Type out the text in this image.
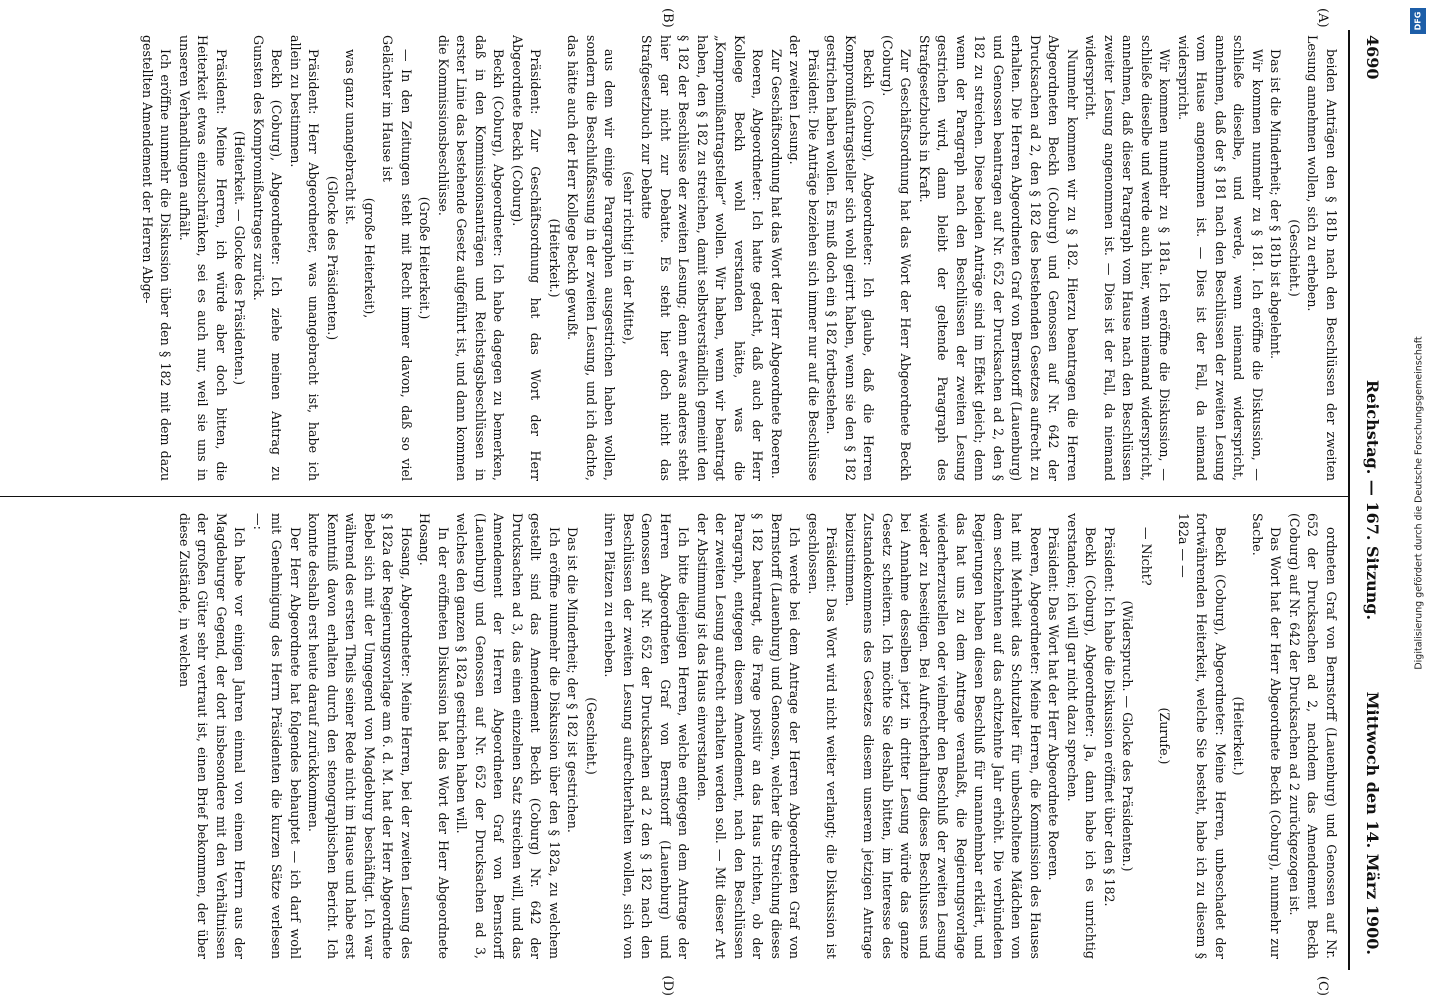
4690
Reichstag. — 167. Sitzung.
Mittwoch den 14. März 1900.
(A)
(B)
(C)
(D)

beiden Anträgen den § 181b nach den Beschlüssen der zweiten Lesung annehmen wollen, sich zu erheben.

(Geschieht.)

Das ist die Minderheit; der § 181b ist abgelehnt.

Wir kommen nunmehr zu § 181. Ich eröffne die Diskussion, — schließe dieselbe, und werde, wenn niemand widerspricht, annehmen, daß der § 181 nach den Beschlüssen der zweiten Lesung vom Hause angenommen ist. — Dies ist der Fall, da niemand widerspricht.

Wir kommen nunmehr zu § 181a. Ich eröffne die Diskussion, — schließe dieselbe und werde auch hier, wenn niemand widerspricht, annehmen, daß dieser Paragraph vom Hause nach den Beschlüssen zweiter Lesung angenommen ist. — Dies ist der Fall, da niemand widerspricht.

Nunmehr kommen wir zu § 182. Hierzu beantragen die Herren Abgeordneten Beckh (Coburg) und Genossen auf Nr. 642 der Drucksachen ad 2, den § 182 des bestehenden Gesetzes aufrecht zu erhalten. Die Herren Abgeordneten Graf von Bernstorff (Lauenburg) und Genossen beantragen auf Nr. 652 der Drucksachen ad 2, den § 182 zu streichen. Diese beiden Anträge sind im Effekt gleich; denn wenn der Paragraph nach den Beschlüssen der zweiten Lesung gestrichen wird, dann bleibt der geltende Paragraph des Strafgesetzbuchs in Kraft.

Zur Geschäftsordnung hat das Wort der Herr Abgeordnete Beckh (Coburg).

Beckh (Coburg), Abgeordneter: Ich glaube, daß die Herren Kompromißantragsteller sich wohl geirrt haben, wenn sie den § 182 gestrichen haben wollen. Es muß doch ein § 182 fortbestehen.

Präsident: Die Anträge beziehen sich immer nur auf die Beschlüsse der zweiten Lesung.

Zur Geschäftsordnung hat das Wort der Herr Abgeordnete Roeren.

Roeren, Abgeordneter: Ich hatte gedacht, daß auch der Herr Kollege Beckh wohl verstanden hätte, was die „Kompromißantragsteller“ wollen. Wir haben, wenn wir beantragt haben, den § 182 zu streichen, damit selbstverständlich gemeint den § 182 der Beschlüsse der zweiten Lesung; denn etwas anderes steht hier gar nicht zur Debatte. Es steht hier doch nicht das Strafgesetzbuch zur Debatte

(sehr richtig! in der Mitte),

aus dem wir einige Paragraphen ausgestrichen haben wollen, sondern die Beschlußfassung in der zweiten Lesung, und ich dachte, das hätte auch der Herr Kollege Beckh gewußt.

(Heiterkeit.)

Präsident: Zur Geschäftsordnung hat das Wort der Herr Abgeordnete Beckh (Coburg).

Beckh (Coburg), Abgeordneter: Ich habe dagegen zu bemerken, daß in den Kommissionsanträgen und Reichstagsbeschlüssen in erster Linie das bestehende Gesetz aufgeführt ist, und dann kommen die Kommissionsbeschlüsse.

(Große Heiterkeit.)

— In den Zeitungen steht mit Recht immer davon, daß so viel Gelächter im Hause ist

(große Heiterkeit),

was ganz unangebracht ist.

(Glocke des Präsidenten.)

Präsident: Herr Abgeordneter, was unangebracht ist, habe ich allein zu bestimmen.

Beckh (Coburg), Abgeordneter: Ich ziehe meinen Antrag zu Gunsten des Kompromißantrages zurück.

(Heiterkeit. — Glocke des Präsidenten.)

Präsident: Meine Herren, ich würde aber doch bitten, die Heiterkeit etwas einzuschränken, sei es auch nur, weil sie uns in unseren Verhandlungen aufhält.

Ich eröffne nunmehr die Diskussion über den § 182 mit dem dazu gestellten Amendement der Herren Abge-

ordneten Graf von Bernstorff (Lauenburg) und Genossen auf Nr. 652 der Drucksachen ad 2, nachdem das Amendement Beckh (Coburg) auf Nr. 642 der Drucksachen ad 2 zurückgezogen ist.

Das Wort hat der Herr Abgeordnete Beckh (Coburg), nunmehr zur Sache.

(Heiterkeit.)

Beckh (Coburg), Abgeordneter: Meine Herren, unbeschadet der fortwährenden Heiterkeit, welche Sie besteht, habe ich zu diesem § 182a — —

(Zurufe.)

— Nicht?

(Widerspruch. — Glocke des Präsidenten.)

Präsident: Ich habe die Diskussion eröffnet über den § 182.

Beckh (Coburg), Abgeordneter: Ja, dann habe ich es unrichtig verstanden; ich will gar nicht dazu sprechen.

Präsident: Das Wort hat der Herr Abgeordnete Roeren.

Roeren, Abgeordneter: Meine Herren, die Kommission des Hauses hat mit Mehrheit das Schutzalter für unbescholtene Mädchen von dem sechzehnten auf das achtzehnte Jahr erhöht. Die verbündeten Regierungen haben diesen Beschluß für unannehmbar erklärt, und das hat uns zu dem Antrage veranlaßt, die Regierungsvorlage wiederherzustellen oder vielmehr den Beschluß der zweiten Lesung wieder zu beseitigen. Bei Aufrechterhaltung dieses Beschlusses und bei Annahme desselben jetzt in dritter Lesung würde das ganze Gesetz scheitern. Ich möchte Sie deshalb bitten, im Interesse des Zustandekommens des Gesetzes diesem unserem jetzigen Antrage beizustimmen.

Präsident: Das Wort wird nicht weiter verlangt; die Diskussion ist geschlossen.

Ich werde bei dem Antrage der Herren Abgeordneten Graf von Bernstorff (Lauenburg) und Genossen, welcher die Streichung dieses § 182 beantragt, die Frage positiv an das Haus richten, ob der Paragraph, entgegen diesem Amendement, nach den Beschlüssen der zweiten Lesung aufrecht erhalten werden soll. — Mit dieser Art der Abstimmung ist das Haus einverstanden.

Ich bitte diejenigen Herren, welche entgegen dem Antrage der Herren Abgeordneten Graf von Bernstorff (Lauenburg) und Genossen auf Nr. 652 der Drucksachen ad 2 den § 182 nach den Beschlüssen der zweiten Lesung aufrechterhalten wollen, sich von ihren Plätzen zu erheben.

(Geschieht.)

Das ist die Minderheit; der § 182 ist gestrichen.

Ich eröffne nunmehr die Diskussion über den § 182a, zu welchem gestellt sind das Amendement Beckh (Coburg) Nr. 642 der Drucksachen ad 3, das einen einzelnen Satz streichen will, und das Amendement der Herren Abgeordneten Graf von Bernstorff (Lauenburg) und Genossen auf Nr. 652 der Drucksachen ad 3, welches den ganzen § 182a gestrichen haben will.

In der eröffneten Diskussion hat das Wort der Herr Abgeordnete Hosang.

Hosang, Abgeordneter: Meine Herren, bei der zweiten Lesung des § 182a der Regierungsvorlage am 6. d. M. hat der Herr Abgeordnete Bebel sich mit der Umgegend von Magdeburg beschäftigt. Ich war während des ersten Theils seiner Rede nicht im Hause und habe erst Kenntniß davon erhalten durch den stenographischen Bericht. Ich konnte deshalb erst heute darauf zurückkommen.

Der Herr Abgeordnete hat folgendes behauptet — ich darf wohl mit Genehmigung des Herrn Präsidenten die kurzen Sätze verlesen —:

Ich habe vor einigen Jahren einmal von einem Herrn aus der Magdeburger Gegend, der dort insbesondere mit den Verhältnissen der großen Güter sehr vertraut ist, einen Brief bekommen, der über diese Zustände, in welchen

DFG
Digitalisierung gefördert durch die Deutsche Forschungsgemeinschaft
